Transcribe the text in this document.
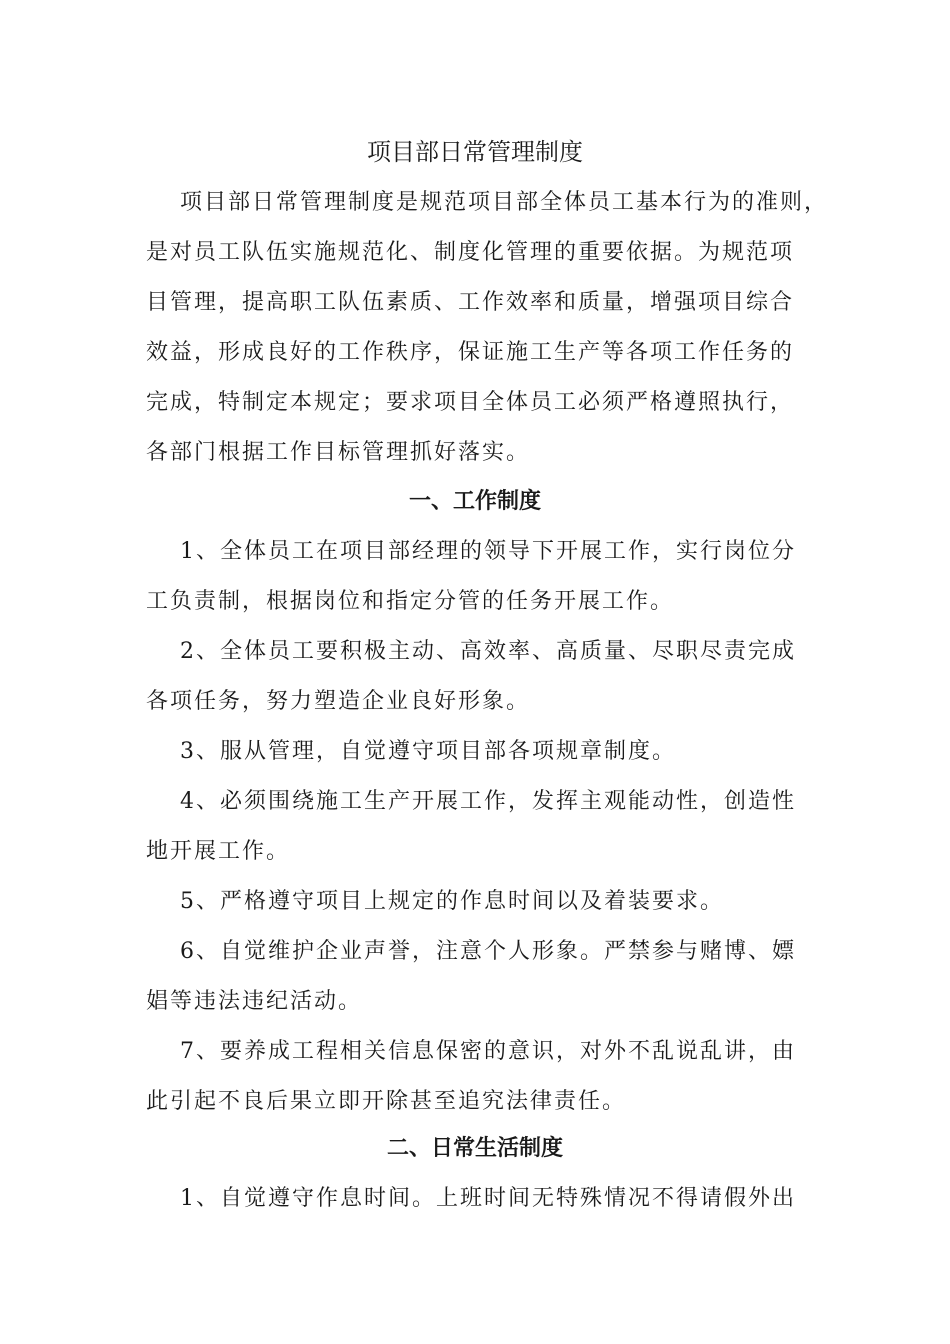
项目部日常管理制度
项目部日常管理制度是规范项目部全体员工基本行为的准则，
是对员工队伍实施规范化、制度化管理的重要依据。为规范项
目管理，提高职工队伍素质、工作效率和质量，增强项目综合
效益，形成良好的工作秩序，保证施工生产等各项工作任务的
完成，特制定本规定；要求项目全体员工必须严格遵照执行，
各部门根据工作目标管理抓好落实。
一、工作制度
1、全体员工在项目部经理的领导下开展工作，实行岗位分
工负责制，根据岗位和指定分管的任务开展工作。
2、全体员工要积极主动、高效率、高质量、尽职尽责完成
各项任务，努力塑造企业良好形象。
3、服从管理，自觉遵守项目部各项规章制度。
4、必须围绕施工生产开展工作，发挥主观能动性，创造性
地开展工作。
5、严格遵守项目上规定的作息时间以及着装要求。
6、自觉维护企业声誉，注意个人形象。严禁参与赌博、嫖
娼等违法违纪活动。
7、要养成工程相关信息保密的意识，对外不乱说乱讲，由
此引起不良后果立即开除甚至追究法律责任。
二、日常生活制度
1、自觉遵守作息时间。上班时间无特殊情况不得请假外出
